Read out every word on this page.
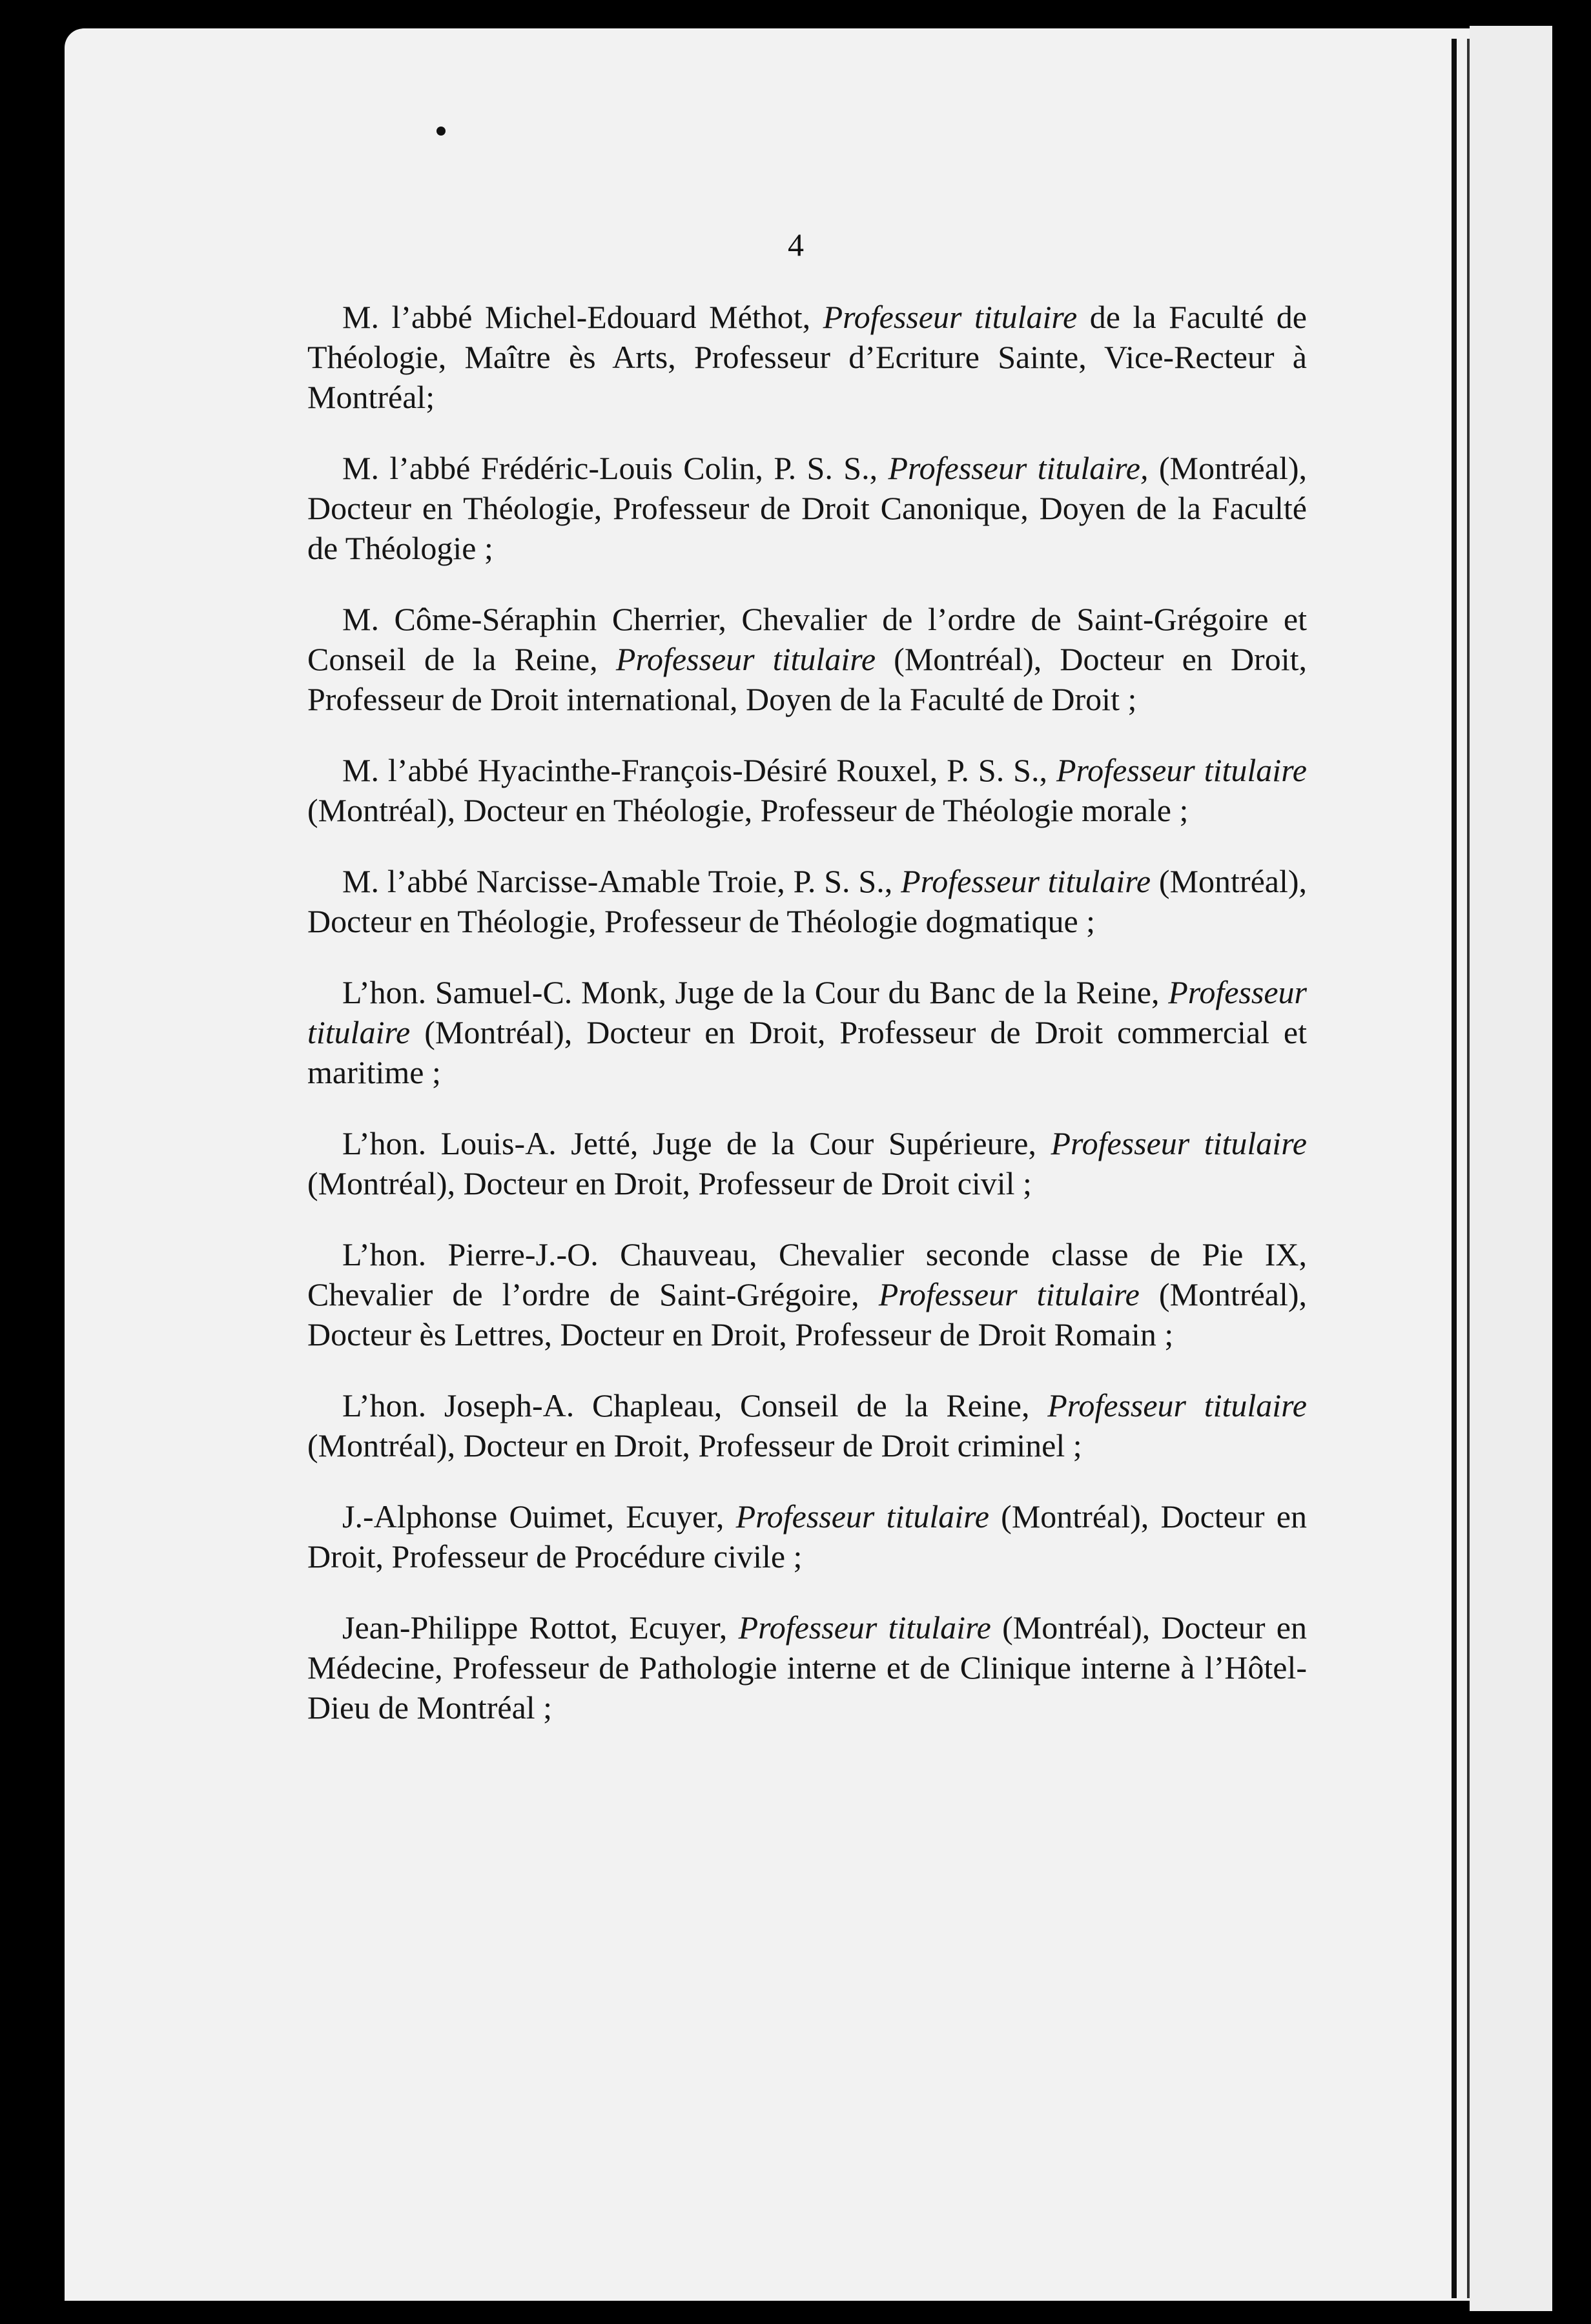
4
M. l’abbé Michel-Edouard Méthot, Professeur titulaire de la Faculté de Théologie, Maître ès Arts, Professeur d’Ecriture Sainte, Vice-Recteur à Montréal;
M. l’abbé Frédéric-Louis Colin, P. S. S., Professeur titulaire, (Montréal), Docteur en Théologie, Professeur de Droit Canonique, Doyen de la Faculté de Théologie ;
M. Côme-Séraphin Cherrier, Chevalier de l’ordre de Saint-Grégoire et Conseil de la Reine, Professeur titulaire (Montréal), Docteur en Droit, Professeur de Droit international, Doyen de la Faculté de Droit ;
M. l’abbé Hyacinthe-François-Désiré Rouxel, P. S. S., Professeur titulaire (Montréal), Docteur en Théologie, Professeur de Théologie morale ;
M. l’abbé Narcisse-Amable Troie, P. S. S., Professeur titulaire (Montréal), Docteur en Théologie, Professeur de Théologie dogmatique ;
L’hon. Samuel-C. Monk, Juge de la Cour du Banc de la Reine, Professeur titulaire (Montréal), Docteur en Droit, Professeur de Droit commercial et maritime ;
L’hon. Louis-A. Jetté, Juge de la Cour Supérieure, Professeur titulaire (Montréal), Docteur en Droit, Professeur de Droit civil ;
L’hon. Pierre-J.-O. Chauveau, Chevalier seconde classe de Pie IX, Chevalier de l’ordre de Saint-Grégoire, Professeur titulaire (Montréal), Docteur ès Lettres, Docteur en Droit, Professeur de Droit Romain ;
L’hon. Joseph-A. Chapleau, Conseil de la Reine, Professeur titulaire (Montréal), Docteur en Droit, Professeur de Droit criminel ;
J.-Alphonse Ouimet, Ecuyer, Professeur titulaire (Montréal), Docteur en Droit, Professeur de Procédure civile ;
Jean-Philippe Rottot, Ecuyer, Professeur titulaire (Montréal), Docteur en Médecine, Professeur de Pathologie interne et de Clinique interne à l’Hôtel-Dieu de Montréal ;
